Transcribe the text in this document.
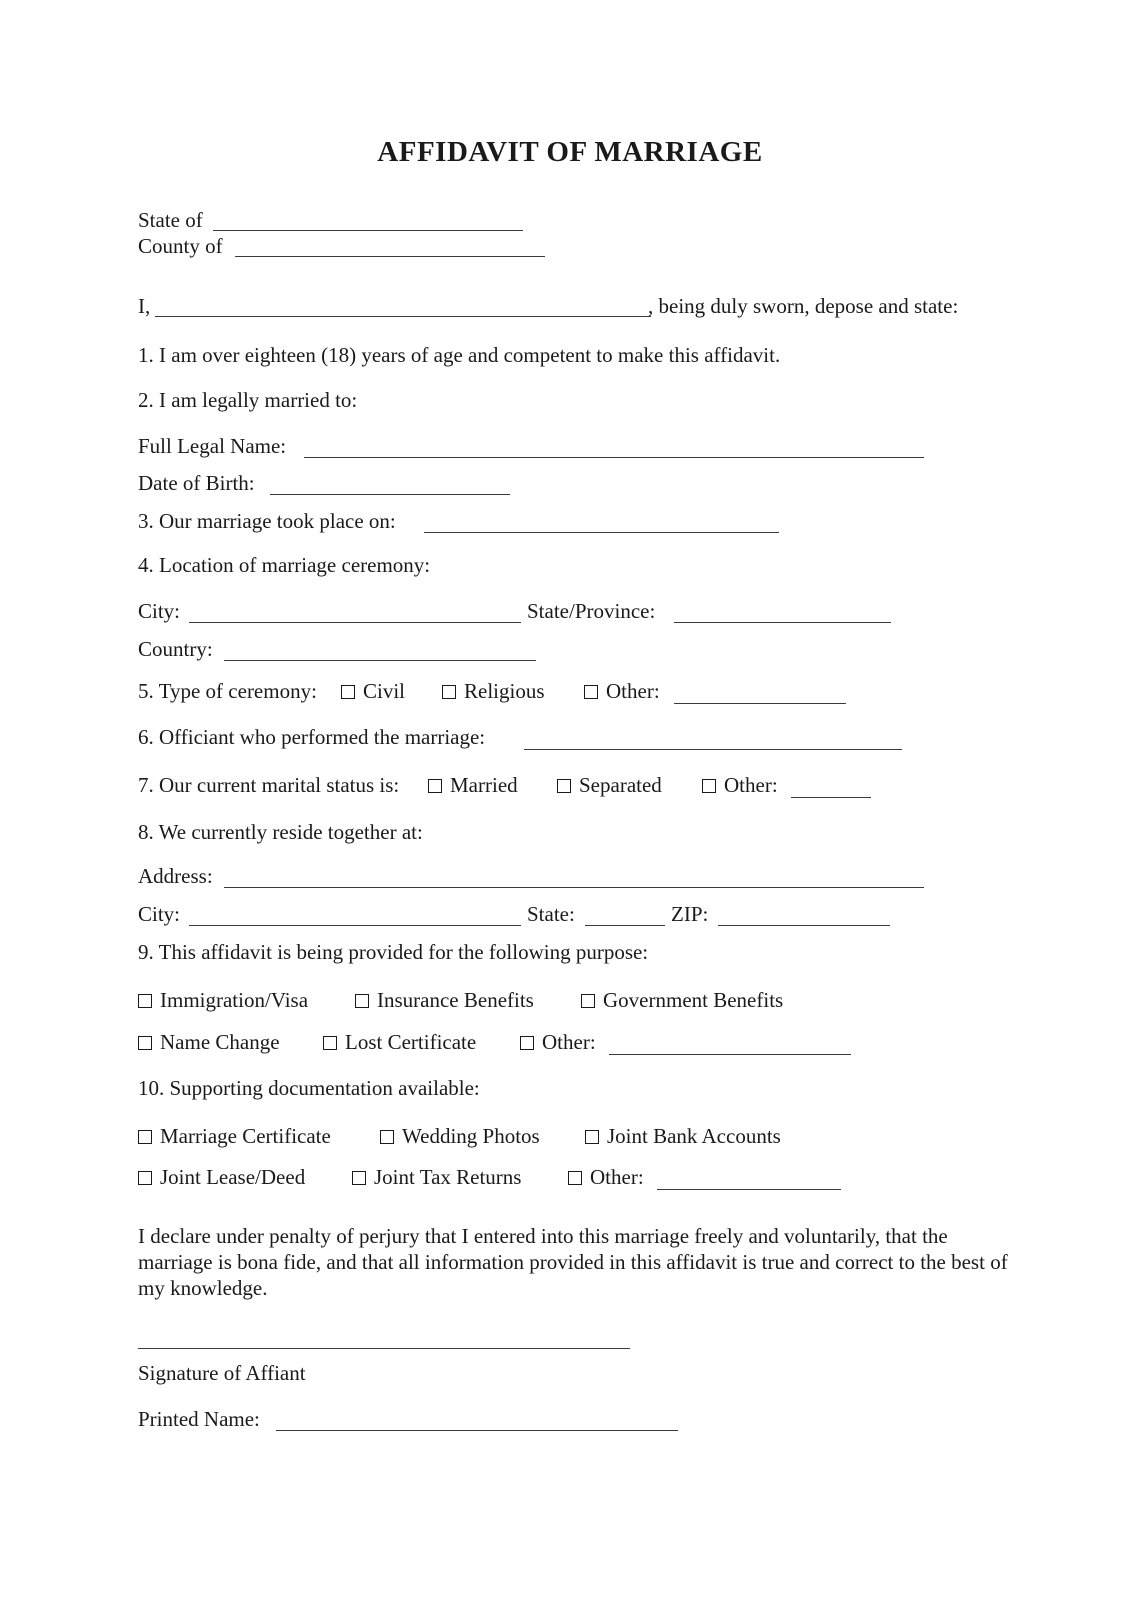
AFFIDAVIT OF MARRIAGE
State of
County of
I,	, being duly sworn, depose and state:
1. I am over eighteen (18) years of age and competent to make this affidavit.
2. I am legally married to:
Full Legal Name:
Date of Birth:
3. Our marriage took place on:
4. Location of marriage ceremony:
City:	State/Province:
Country:
5. Type of ceremony:	Civil	Religious	Other:
6. Officiant who performed the marriage:
7. Our current marital status is:	Married	Separated	Other:
8. We currently reside together at:
Address:
City:	State:	ZIP:
9. This affidavit is being provided for the following purpose:
Immigration/Visa	Insurance Benefits	Government Benefits
Name Change	Lost Certificate	Other:
10. Supporting documentation available:
Marriage Certificate	Wedding Photos	Joint Bank Accounts
Joint Lease/Deed	Joint Tax Returns	Other:
I declare under penalty of perjury that I entered into this marriage freely and voluntarily, that the marriage is bona fide, and that all information provided in this affidavit is true and correct to the best of my knowledge.
Signature of Affiant
Printed Name:
